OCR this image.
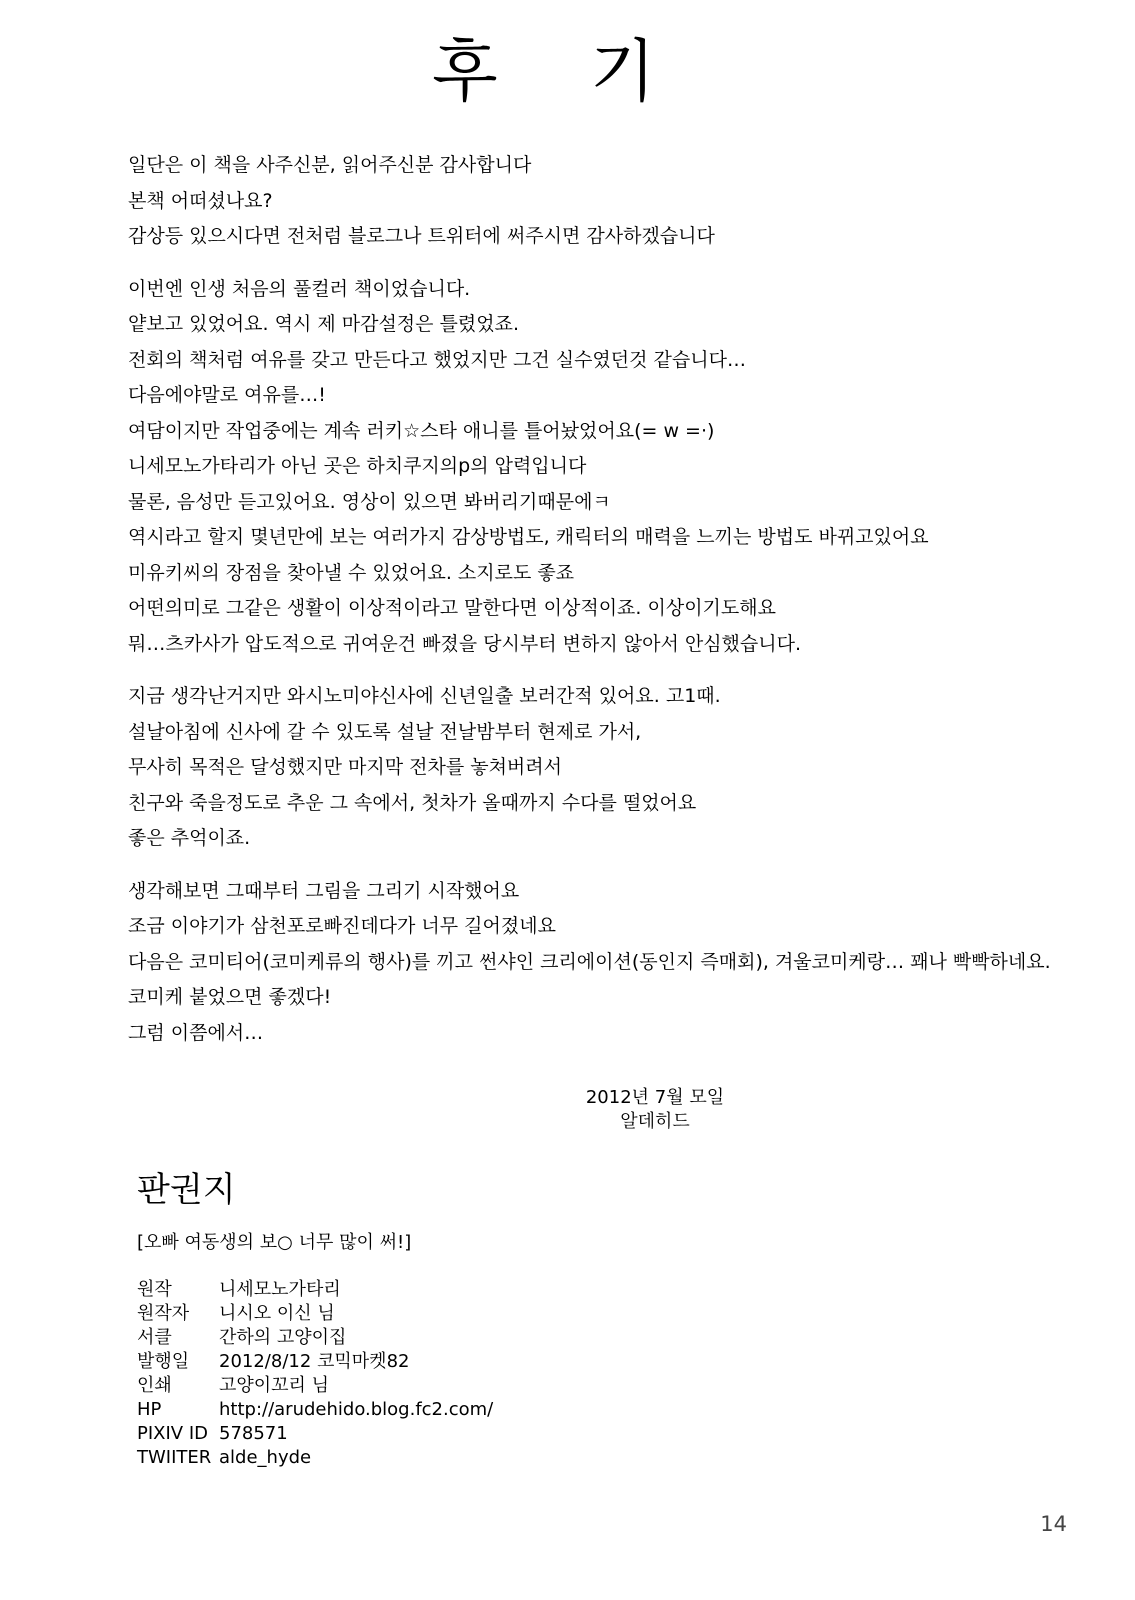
후 기
일단은 이 책을 사주신분, 읽어주신분 감사합니다
본책 어떠셨나요?
감상등 있으시다면 전처럼 블로그나 트위터에 써주시면 감사하겠습니다
이번엔 인생 처음의 풀컬러 책이었습니다.
얕보고 있었어요. 역시 제 마감설정은 틀렸었죠.
전회의 책처럼 여유를 갖고 만든다고 했었지만 그건 실수였던것 같습니다…
다음에야말로 여유를…!
여담이지만 작업중에는 계속 러키☆스타 애니를 틀어놨었어요(= w =·)
니세모노가타리가 아닌 곳은 하치쿠지의p의 압력입니다
물론, 음성만 듣고있어요. 영상이 있으면 봐버리기때문에ㅋ
역시라고 할지 몇년만에 보는 여러가지 감상방법도, 캐릭터의 매력을 느끼는 방법도 바뀌고있어요
미유키씨의 장점을 찾아낼 수 있었어요. 소지로도 좋죠
어떤의미로 그같은 생활이 이상적이라고 말한다면 이상적이죠. 이상이기도해요
뭐…츠카사가 압도적으로 귀여운건 빠졌을 당시부터 변하지 않아서 안심했습니다.
지금 생각난거지만 와시노미야신사에 신년일출 보러간적 있어요. 고1때.
설날아침에 신사에 갈 수 있도록 설날 전날밤부터 현제로 가서,
무사히 목적은 달성했지만 마지막 전차를 놓쳐버려서
친구와 죽을정도로 추운 그 속에서, 첫차가 올때까지 수다를 떨었어요
좋은 추억이죠.
생각해보면 그때부터 그림을 그리기 시작했어요
조금 이야기가 삼천포로빠진데다가 너무 길어졌네요
다음은 코미티어(코미케류의 행사)를 끼고 썬샤인 크리에이션(동인지 즉매회), 겨울코미케랑… 꽤나 빡빡하네요.
코미케 붙었으면 좋겠다!
그럼 이쯤에서…
2012년 7월 모일
알데히드
판권지
[오빠 여동생의 보○ 너무 많이 써!]
원작	니세모노가타리
원작자 니시오 이신 님
서클	간하의 고양이집
발행일 2012/8/12 코믹마켓82
인쇄	고양이꼬리 님
HP	http://arudehido.blog.fc2.com/
PIXIV ID 578571
TWIITER alde_hyde
14
